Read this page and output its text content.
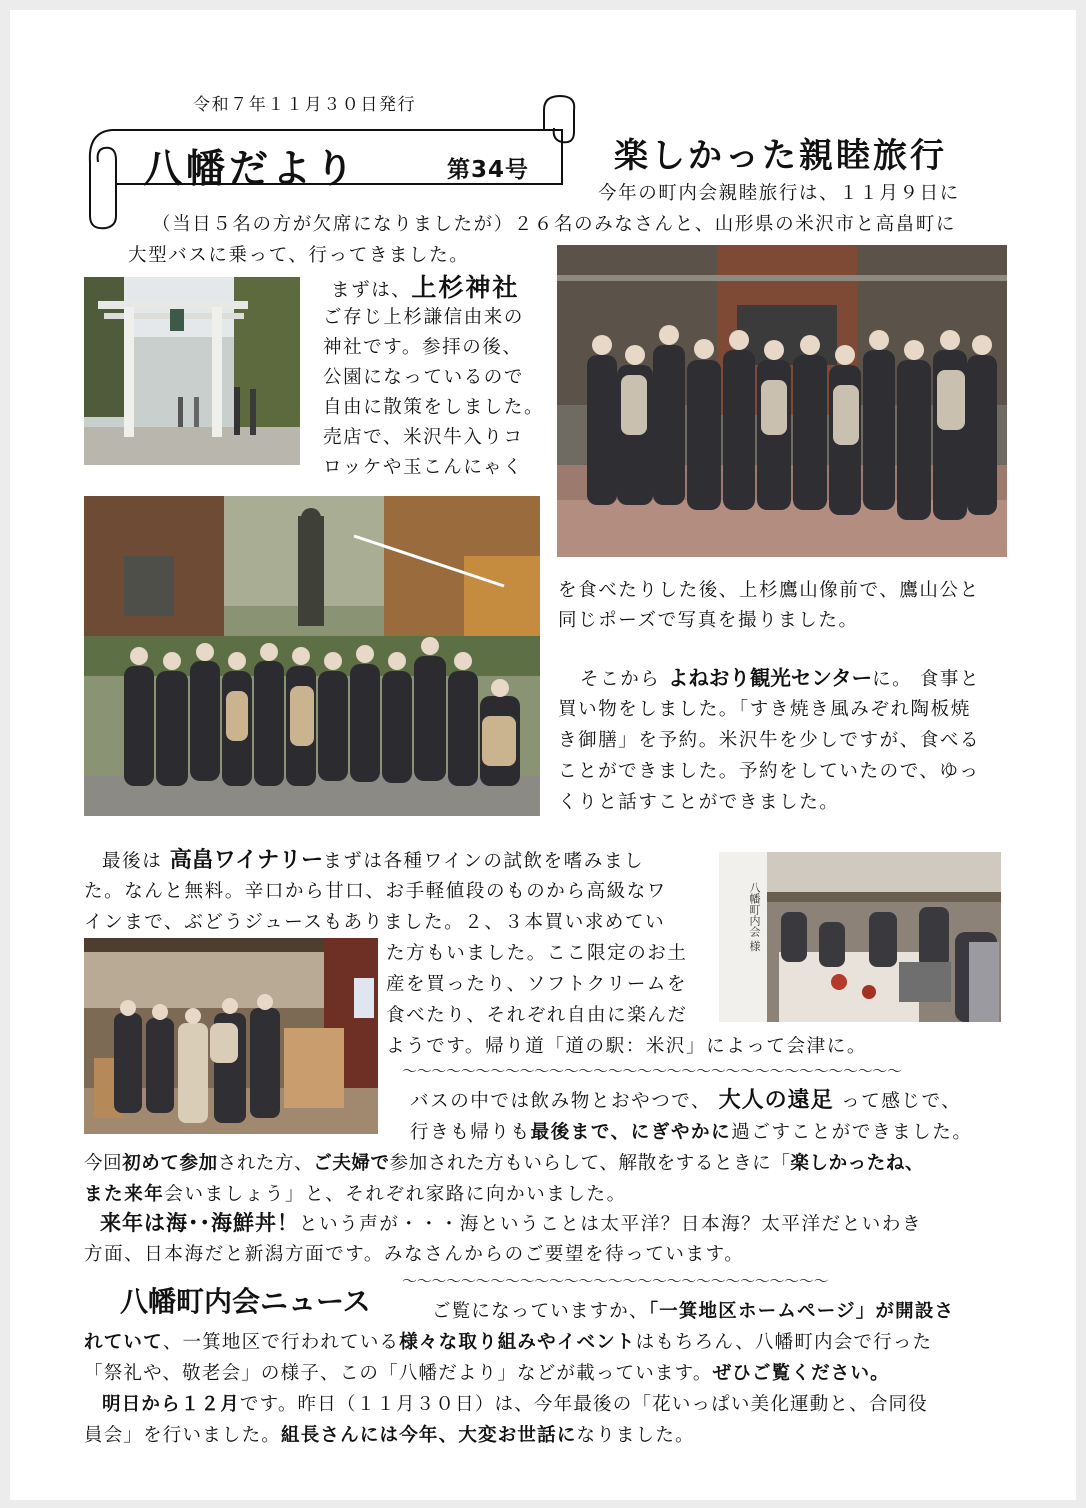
令和７年１１月３０日発行
八幡だより	第34号 楽しかった親睦旅行
今年の町内会親睦旅行は、１１月９日に
（当日５名の方が欠席になりましたが）２６名のみなさんと、山形県の米沢市と高畠町に
大型バスに乗って、行ってきました。
まずは、上杉神社
ご存じ上杉謙信由来の
神社です。参拝の後、
公園になっているので
自由に散策をしました。
売店で、米沢牛入りコ
ロッケや玉こんにゃく
を食べたりした後、上杉鷹山像前で、鷹山公と
同じポーズで写真を撮りました。
そこから よねおり観光センターに。 食事と
買い物をしました。「すき焼き風みぞれ陶板焼
き御膳」を予約。米沢牛を少しですが、食べる
ことができました。予約をしていたので、ゆっ
くりと話すことができました。
最後は 高畠ワイナリーまずは各種ワインの試飲を嗜みまし
た。なんと無料。辛口から甘口、お手軽値段のものから高級なワ
インまで、ぶどうジュースもありました。２、３本買い求めてい
た方もいました。ここ限定のお土
産を買ったり、ソフトクリームを
食べたり、それぞれ自由に楽んだ
ようです。帰り道「道の駅：米沢」によって会津に。
八幡町内会 様
〜〜〜〜〜〜〜〜〜〜〜〜〜〜〜〜〜〜〜〜〜〜〜〜〜〜〜〜〜〜〜〜〜〜
バスの中では飲み物とおやつで、 大人の遠足 って感じで、
行きも帰りも最後まで、にぎやかに過ごすことができました。
今回初めて参加された方、ご夫婦で参加された方もいらして、解散をするときに「楽しかったね、
また来年会いましょう」と、それぞれ家路に向かいました。
来年は海･･海鮮丼！という声が・・・海ということは太平洋？日本海？太平洋だといわき
方面、日本海だと新潟方面です。みなさんからのご要望を待っています。
八幡町内会ニュース
〜〜〜〜〜〜〜〜〜〜〜〜〜〜〜〜〜〜〜〜〜〜〜〜〜〜〜〜〜
ご覧になっていますか、「一箕地区ホームページ」が開設さ
れていて、一箕地区で行われている様々な取り組みやイベントはもちろん、八幡町内会で行った
「祭礼や、敬老会」の様子、この「八幡だより」などが載っています。ぜひご覧ください。
明日から１２月です。昨日（１１月３０日）は、今年最後の「花いっぱい美化運動と、合同役
員会」を行いました。組長さんには今年、大変お世話になりました。
